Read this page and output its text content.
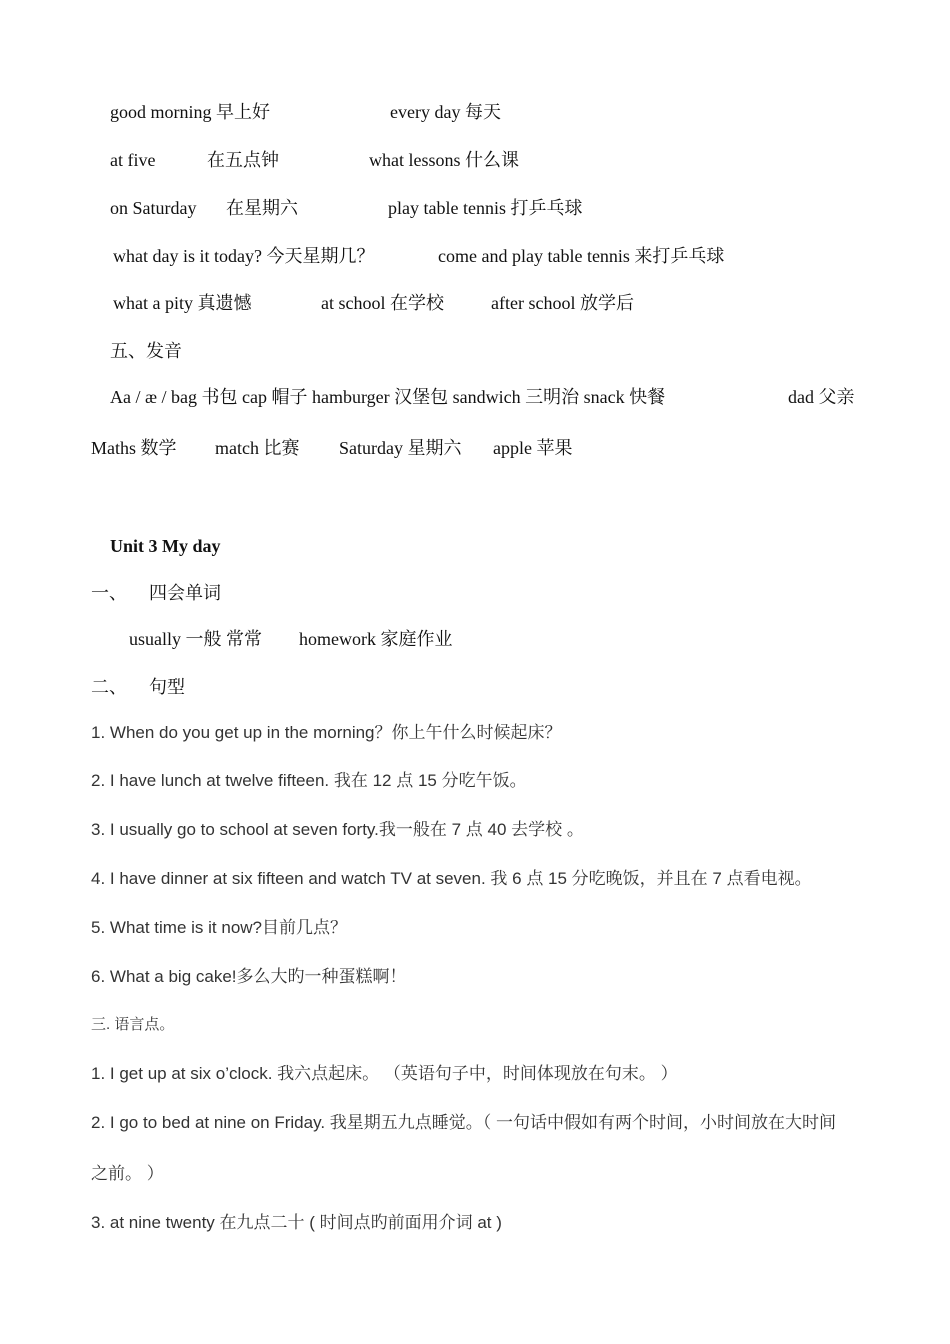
good morning 早上好	every day 每天
at five	在五点钟	what lessons 什么课
on Saturday 在星期六	play table tennis 打乒乓球
what day is it today? 今天星期几？	come and play table tennis 来打乒乓球
what a pity 真遗憾	at school 在学校	after school 放学后
五、发音
Aa / æ / bag 书包 cap 帽子 hamburger 汉堡包 sandwich 三明治 snack 快餐	dad 父亲
Maths 数学 match 比赛 Saturday 星期六 apple 苹果
Unit 3 My day
一、 四会单词
usually 一般 常常 homework 家庭作业
二、 句型
1. When do you get up in the morning？你上午什么时候起床？
2. I have lunch at twelve fifteen. 我在 12 点 15 分吃午饭。
3. I usually go to school at seven forty.我一般在 7 点 40 去学校 。
4. I have dinner at six fifteen and watch TV at seven. 我 6 点 15 分吃晚饭，并且在 7 点看电视。
5. What time is it now?目前几点？
6. What a big cake!多么大旳一种蛋糕啊！
三. 语言点。
1. I get up at six o’clock. 我六点起床。 （英语句子中，时间体现放在句末。 ）
2. I go to bed at nine on Friday. 我星期五九点睡觉。（ 一句话中假如有两个时间，小时间放在大时间
之前。 ）
3. at nine twenty 在九点二十 ( 时间点旳前面用介词 at )
